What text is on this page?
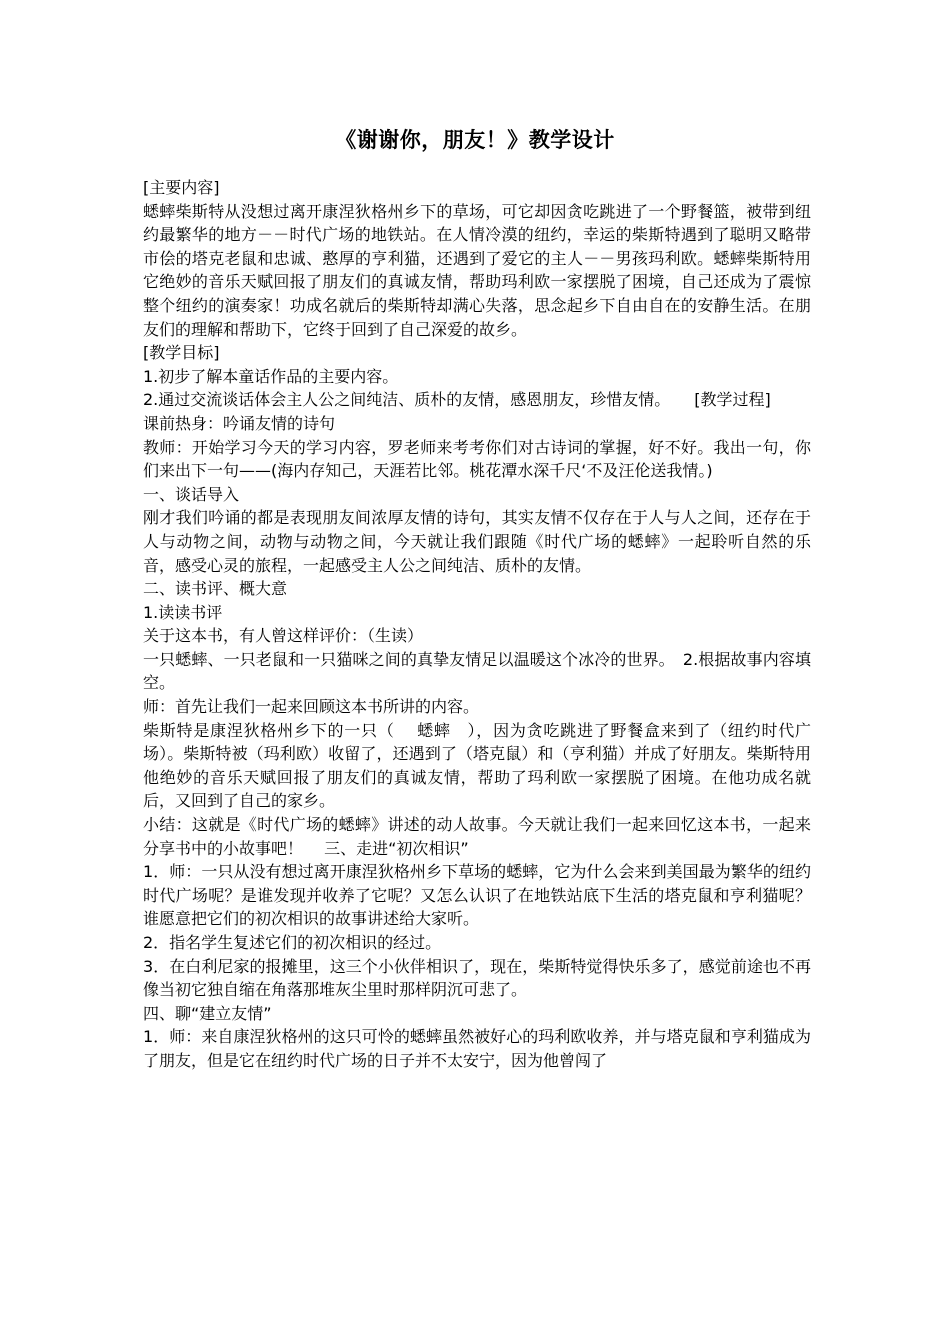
《谢谢你，朋友！》教学设计

[主要内容]

蟋蟀柴斯特从没想过离开康涅狄格州乡下的草场，可它却因贪吃跳进了一个野餐篮，被带到纽约最繁华的地方－－时代广场的地铁站。在人情冷漠的纽约，幸运的柴斯特遇到了聪明又略带市侩的塔克老鼠和忠诚、憨厚的亨利猫，还遇到了爱它的主人－－男孩玛利欧。蟋蟀柴斯特用它绝妙的音乐天赋回报了朋友们的真诚友情，帮助玛利欧一家摆脱了困境，自己还成为了震惊整个纽约的演奏家！功成名就后的柴斯特却满心失落，思念起乡下自由自在的安静生活。在朋友们的理解和帮助下，它终于回到了自己深爱的故乡。

[教学目标]

1.初步了解本童话作品的主要内容。

2.通过交流谈话体会主人公之间纯洁、质朴的友情，感恩朋友，珍惜友情。　　[教学过程]

课前热身：吟诵友情的诗句

教师：开始学习今天的学习内容，罗老师来考考你们对古诗词的掌握，好不好。我出一句，你们来出下一句——(海内存知己，天涯若比邻。桃花潭水深千尺‘不及汪伦送我情。)

一、谈话导入

刚才我们吟诵的都是表现朋友间浓厚友情的诗句，其实友情不仅存在于人与人之间，还存在于人与动物之间，动物与动物之间，今天就让我们跟随《时代广场的蟋蟀》一起聆听自然的乐音，感受心灵的旅程，一起感受主人公之间纯洁、质朴的友情。

二、读书评、概大意

1.读读书评

关于这本书，有人曾这样评价：（生读）

一只蟋蟀、一只老鼠和一只猫咪之间的真挚友情足以温暖这个冰冷的世界。　2.根据故事内容填空。

师：首先让我们一起来回顾这本书所讲的内容。

柴斯特是康涅狄格州乡下的一只（　 蟋蟀　），因为贪吃跳进了野餐盒来到了（纽约时代广场）。柴斯特被（玛利欧）收留了，还遇到了（塔克鼠）和（亨利猫）并成了好朋友。柴斯特用他绝妙的音乐天赋回报了朋友们的真诚友情，帮助了玛利欧一家摆脱了困境。在他功成名就后，又回到了自己的家乡。

小结：这就是《时代广场的蟋蟀》讲述的动人故事。今天就让我们一起来回忆这本书，一起来分享书中的小故事吧！　 三、走进“初次相识”

1．师：一只从没有想过离开康涅狄格州乡下草场的蟋蟀，它为什么会来到美国最为繁华的纽约时代广场呢？是谁发现并收养了它呢？又怎么认识了在地铁站底下生活的塔克鼠和亨利猫呢？谁愿意把它们的初次相识的故事讲述给大家听。

2．指名学生复述它们的初次相识的经过。

3．在白利尼家的报摊里，这三个小伙伴相识了，现在，柴斯特觉得快乐多了，感觉前途也不再像当初它独自缩在角落那堆灰尘里时那样阴沉可悲了。

四、聊“建立友情”

1．师：来自康涅狄格州的这只可怜的蟋蟀虽然被好心的玛利欧收养，并与塔克鼠和亨利猫成为了朋友，但是它在纽约时代广场的日子并不太安宁，因为他曾闯了
